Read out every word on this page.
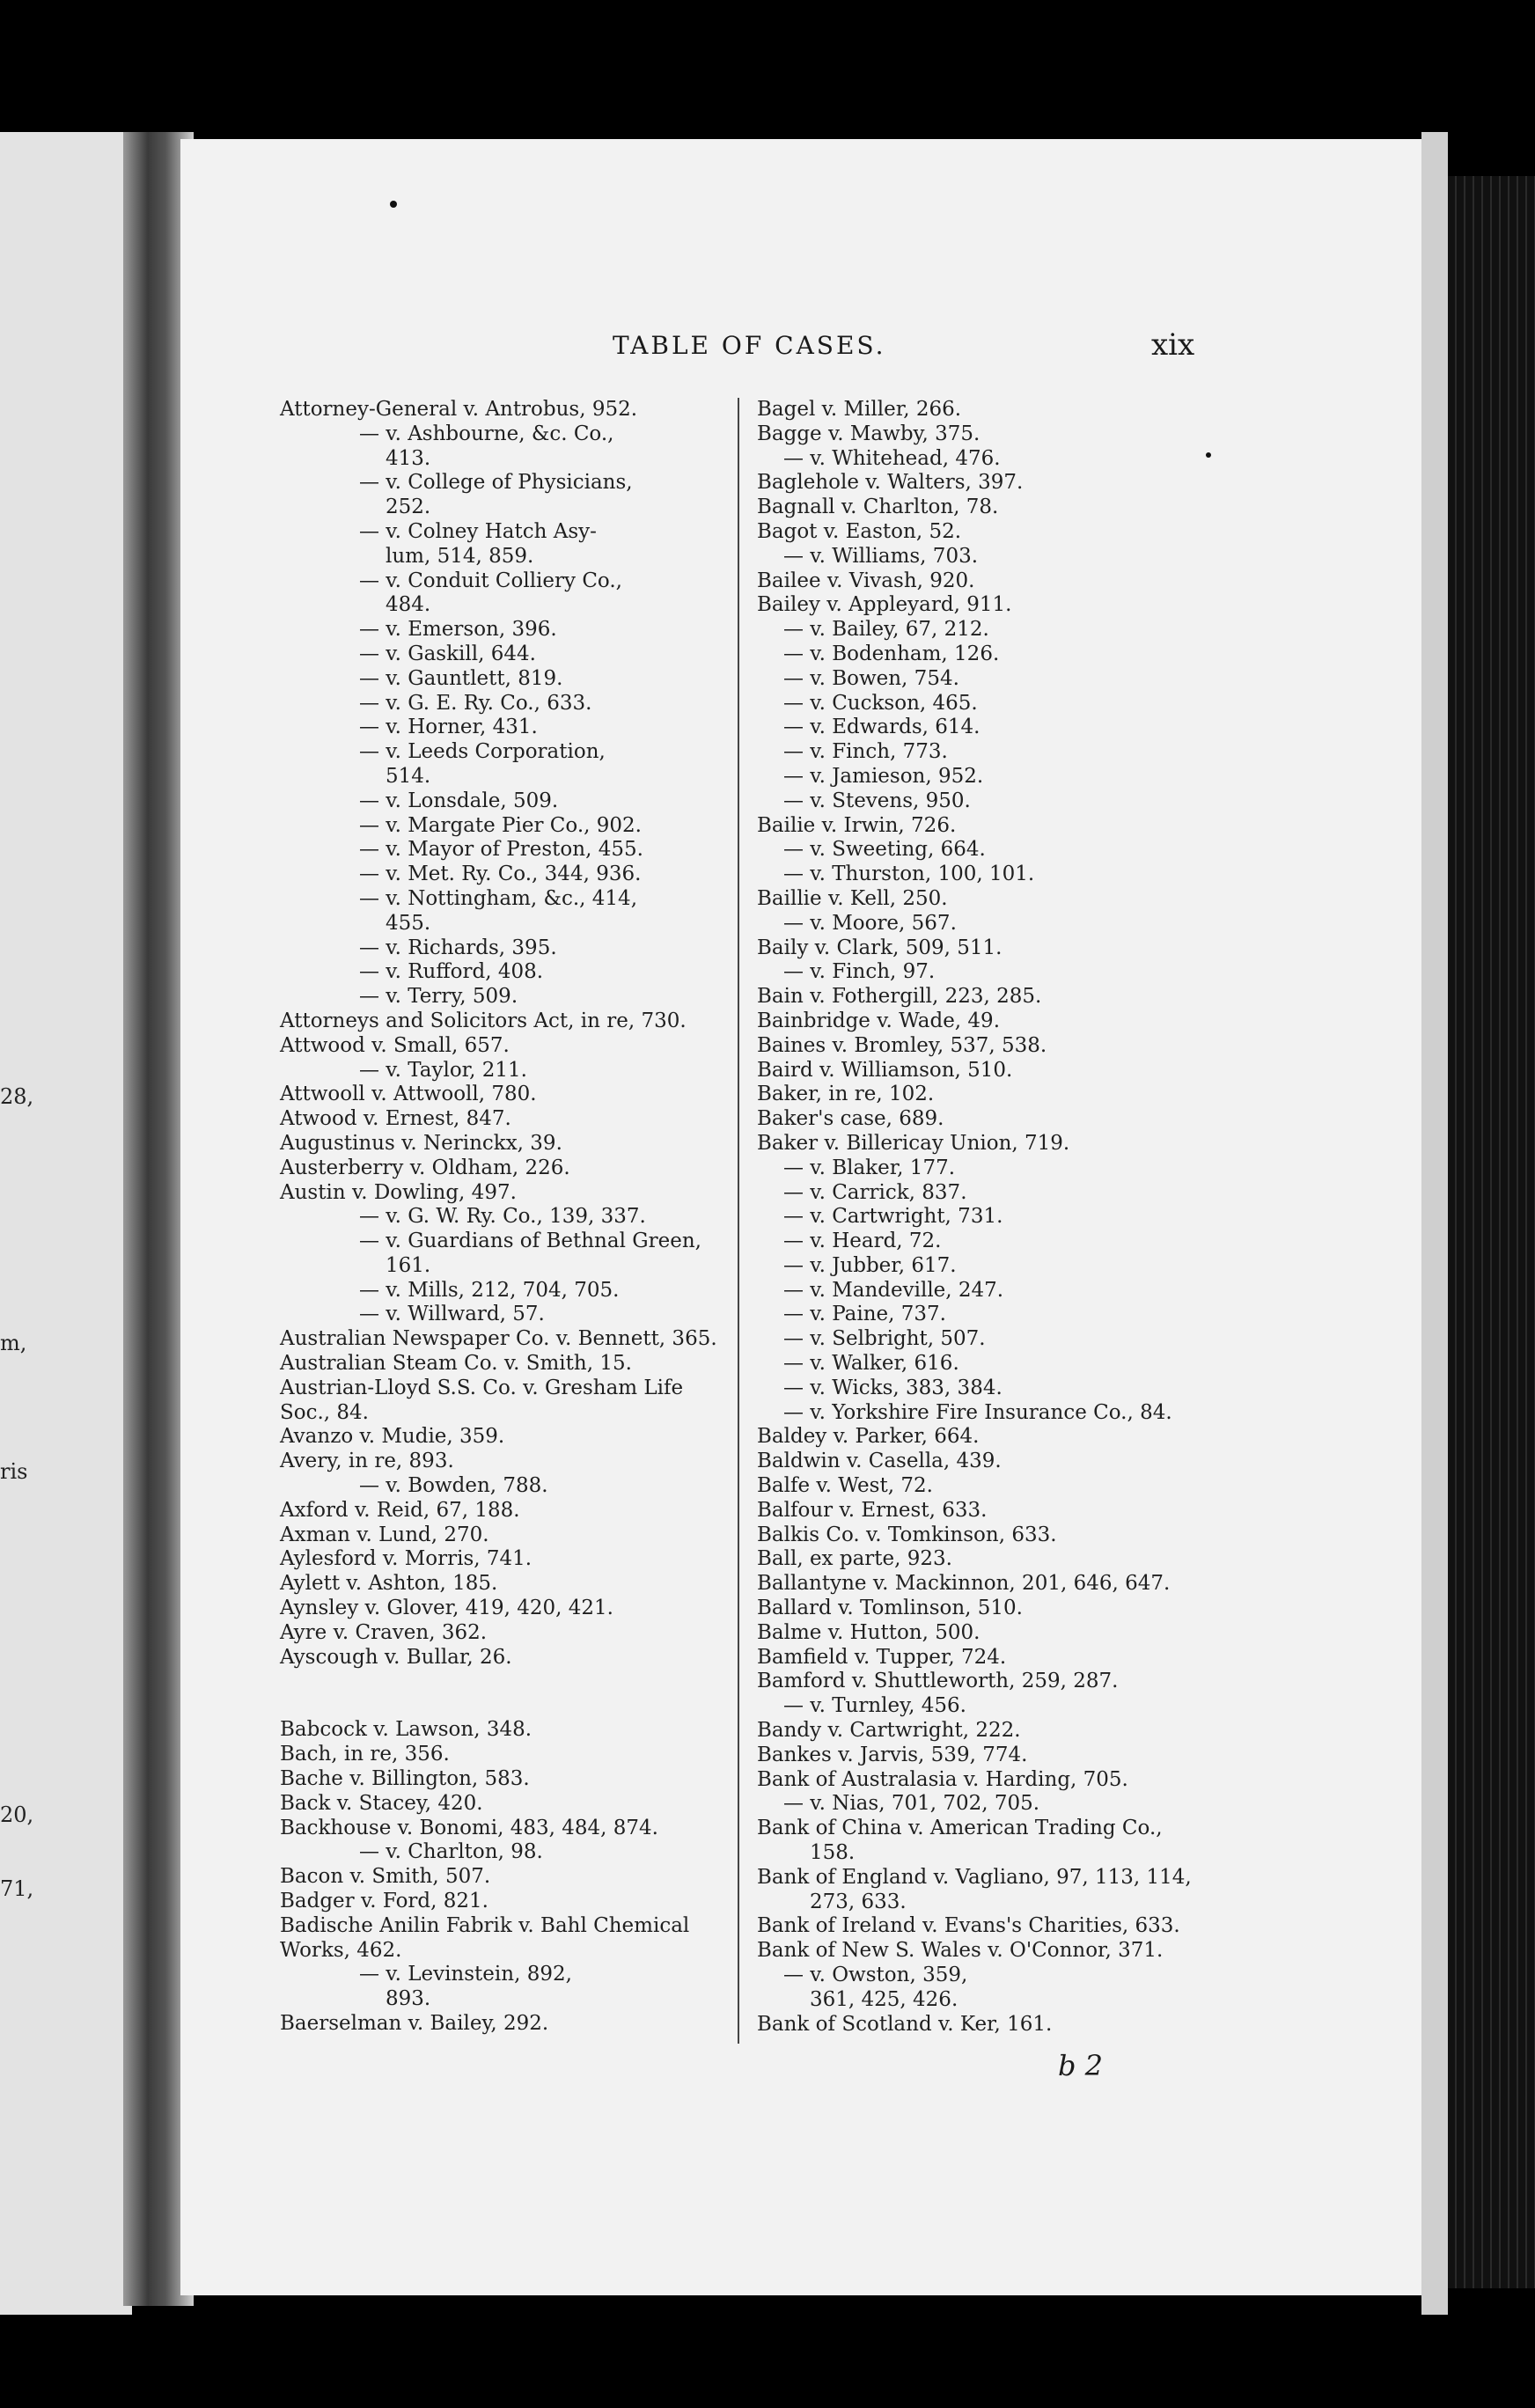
28,
m,
ris
20,
71,
TABLE OF CASES.	xix
Attorney-General v. Antrobus, 952.
— v. Ashbourne, &c. Co.,
413.
— v. College of Physicians,
252.
— v. Colney Hatch Asy-
lum, 514, 859.
— v. Conduit Colliery Co.,
484.
— v. Emerson, 396.
— v. Gaskill, 644.
— v. Gauntlett, 819.
— v. G. E. Ry. Co., 633.
— v. Horner, 431.
— v. Leeds Corporation,
514.
— v. Lonsdale, 509.
— v. Margate Pier Co., 902.
— v. Mayor of Preston, 455.
— v. Met. Ry. Co., 344, 936.
— v. Nottingham, &c., 414,
455.
— v. Richards, 395.
— v. Rufford, 408.
— v. Terry, 509.
Attorneys and Solicitors Act, in re, 730.
Attwood v. Small, 657.
— v. Taylor, 211.
Attwooll v. Attwooll, 780.
Atwood v. Ernest, 847.
Augustinus v. Nerinckx, 39.
Austerberry v. Oldham, 226.
Austin v. Dowling, 497.
— v. G. W. Ry. Co., 139, 337.
— v. Guardians of Bethnal Green,
161.
— v. Mills, 212, 704, 705.
— v. Willward, 57.
Australian Newspaper Co. v. Bennett, 365.
Australian Steam Co. v. Smith, 15.
Austrian-Lloyd S.S. Co. v. Gresham Life
Soc., 84.
Avanzo v. Mudie, 359.
Avery, in re, 893.
— v. Bowden, 788.
Axford v. Reid, 67, 188.
Axman v. Lund, 270.
Aylesford v. Morris, 741.
Aylett v. Ashton, 185.
Aynsley v. Glover, 419, 420, 421.
Ayre v. Craven, 362.
Ayscough v. Bullar, 26.
Babcock v. Lawson, 348.
Bach, in re, 356.
Bache v. Billington, 583.
Back v. Stacey, 420.
Backhouse v. Bonomi, 483, 484, 874.
— v. Charlton, 98.
Bacon v. Smith, 507.
Badger v. Ford, 821.
Badische Anilin Fabrik v. Bahl Chemical
Works, 462.
— v. Levinstein, 892,
893.
Baerselman v. Bailey, 292.
Bagel v. Miller, 266.
Bagge v. Mawby, 375.
— v. Whitehead, 476.
Baglehole v. Walters, 397.
Bagnall v. Charlton, 78.
Bagot v. Easton, 52.
— v. Williams, 703.
Bailee v. Vivash, 920.
Bailey v. Appleyard, 911.
— v. Bailey, 67, 212.
— v. Bodenham, 126.
— v. Bowen, 754.
— v. Cuckson, 465.
— v. Edwards, 614.
— v. Finch, 773.
— v. Jamieson, 952.
— v. Stevens, 950.
Bailie v. Irwin, 726.
— v. Sweeting, 664.
— v. Thurston, 100, 101.
Baillie v. Kell, 250.
— v. Moore, 567.
Baily v. Clark, 509, 511.
— v. Finch, 97.
Bain v. Fothergill, 223, 285.
Bainbridge v. Wade, 49.
Baines v. Bromley, 537, 538.
Baird v. Williamson, 510.
Baker, in re, 102.
Baker's case, 689.
Baker v. Billericay Union, 719.
— v. Blaker, 177.
— v. Carrick, 837.
— v. Cartwright, 731.
— v. Heard, 72.
— v. Jubber, 617.
— v. Mandeville, 247.
— v. Paine, 737.
— v. Selbright, 507.
— v. Walker, 616.
— v. Wicks, 383, 384.
— v. Yorkshire Fire Insurance Co., 84.
Baldey v. Parker, 664.
Baldwin v. Casella, 439.
Balfe v. West, 72.
Balfour v. Ernest, 633.
Balkis Co. v. Tomkinson, 633.
Ball, ex parte, 923.
Ballantyne v. Mackinnon, 201, 646, 647.
Ballard v. Tomlinson, 510.
Balme v. Hutton, 500.
Bamfield v. Tupper, 724.
Bamford v. Shuttleworth, 259, 287.
— v. Turnley, 456.
Bandy v. Cartwright, 222.
Bankes v. Jarvis, 539, 774.
Bank of Australasia v. Harding, 705.
— v. Nias, 701, 702, 705.
Bank of China v. American Trading Co.,
158.
Bank of England v. Vagliano, 97, 113, 114,
273, 633.
Bank of Ireland v. Evans's Charities, 633.
Bank of New S. Wales v. O'Connor, 371.
— v. Owston, 359,
361, 425, 426.
Bank of Scotland v. Ker, 161.
b 2
